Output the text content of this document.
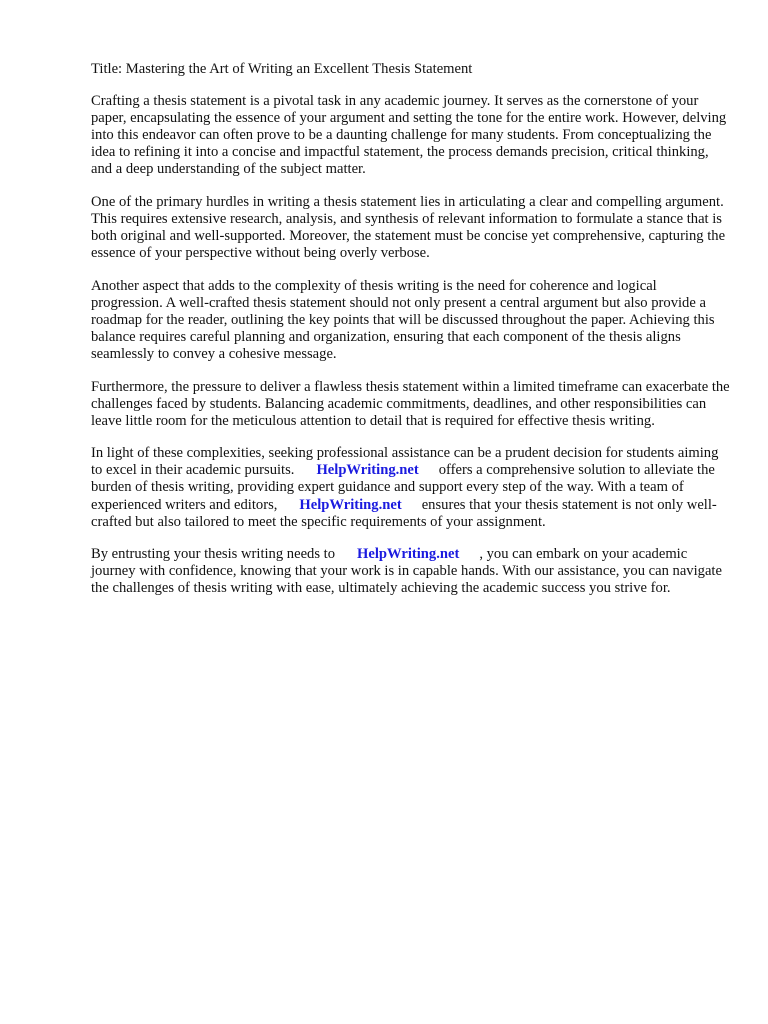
Title: Mastering the Art of Writing an Excellent Thesis Statement

Crafting a thesis statement is a pivotal task in any academic journey. It serves as the cornerstone of your paper, encapsulating the essence of your argument and setting the tone for the entire work. However, delving into this endeavor can often prove to be a daunting challenge for many students. From conceptualizing the idea to refining it into a concise and impactful statement, the process demands precision, critical thinking, and a deep understanding of the subject matter.

One of the primary hurdles in writing a thesis statement lies in articulating a clear and compelling argument. This requires extensive research, analysis, and synthesis of relevant information to formulate a stance that is both original and well-supported. Moreover, the statement must be concise yet comprehensive, capturing the essence of your perspective without being overly verbose.

Another aspect that adds to the complexity of thesis writing is the need for coherence and logical progression. A well-crafted thesis statement should not only present a central argument but also provide a roadmap for the reader, outlining the key points that will be discussed throughout the paper. Achieving this balance requires careful planning and organization, ensuring that each component of the thesis aligns seamlessly to convey a cohesive message.

Furthermore, the pressure to deliver a flawless thesis statement within a limited timeframe can exacerbate the challenges faced by students. Balancing academic commitments, deadlines, and other responsibilities can leave little room for the meticulous attention to detail that is required for effective thesis writing.

In light of these complexities, seeking professional assistance can be a prudent decision for students aiming to excel in their academic pursuits. HelpWriting.net offers a comprehensive solution to alleviate the burden of thesis writing, providing expert guidance and support every step of the way. With a team of experienced writers and editors, HelpWriting.net ensures that your thesis statement is not only well-crafted but also tailored to meet the specific requirements of your assignment.

By entrusting your thesis writing needs to HelpWriting.net , you can embark on your academic journey with confidence, knowing that your work is in capable hands. With our assistance, you can navigate the challenges of thesis writing with ease, ultimately achieving the academic success you strive for.
